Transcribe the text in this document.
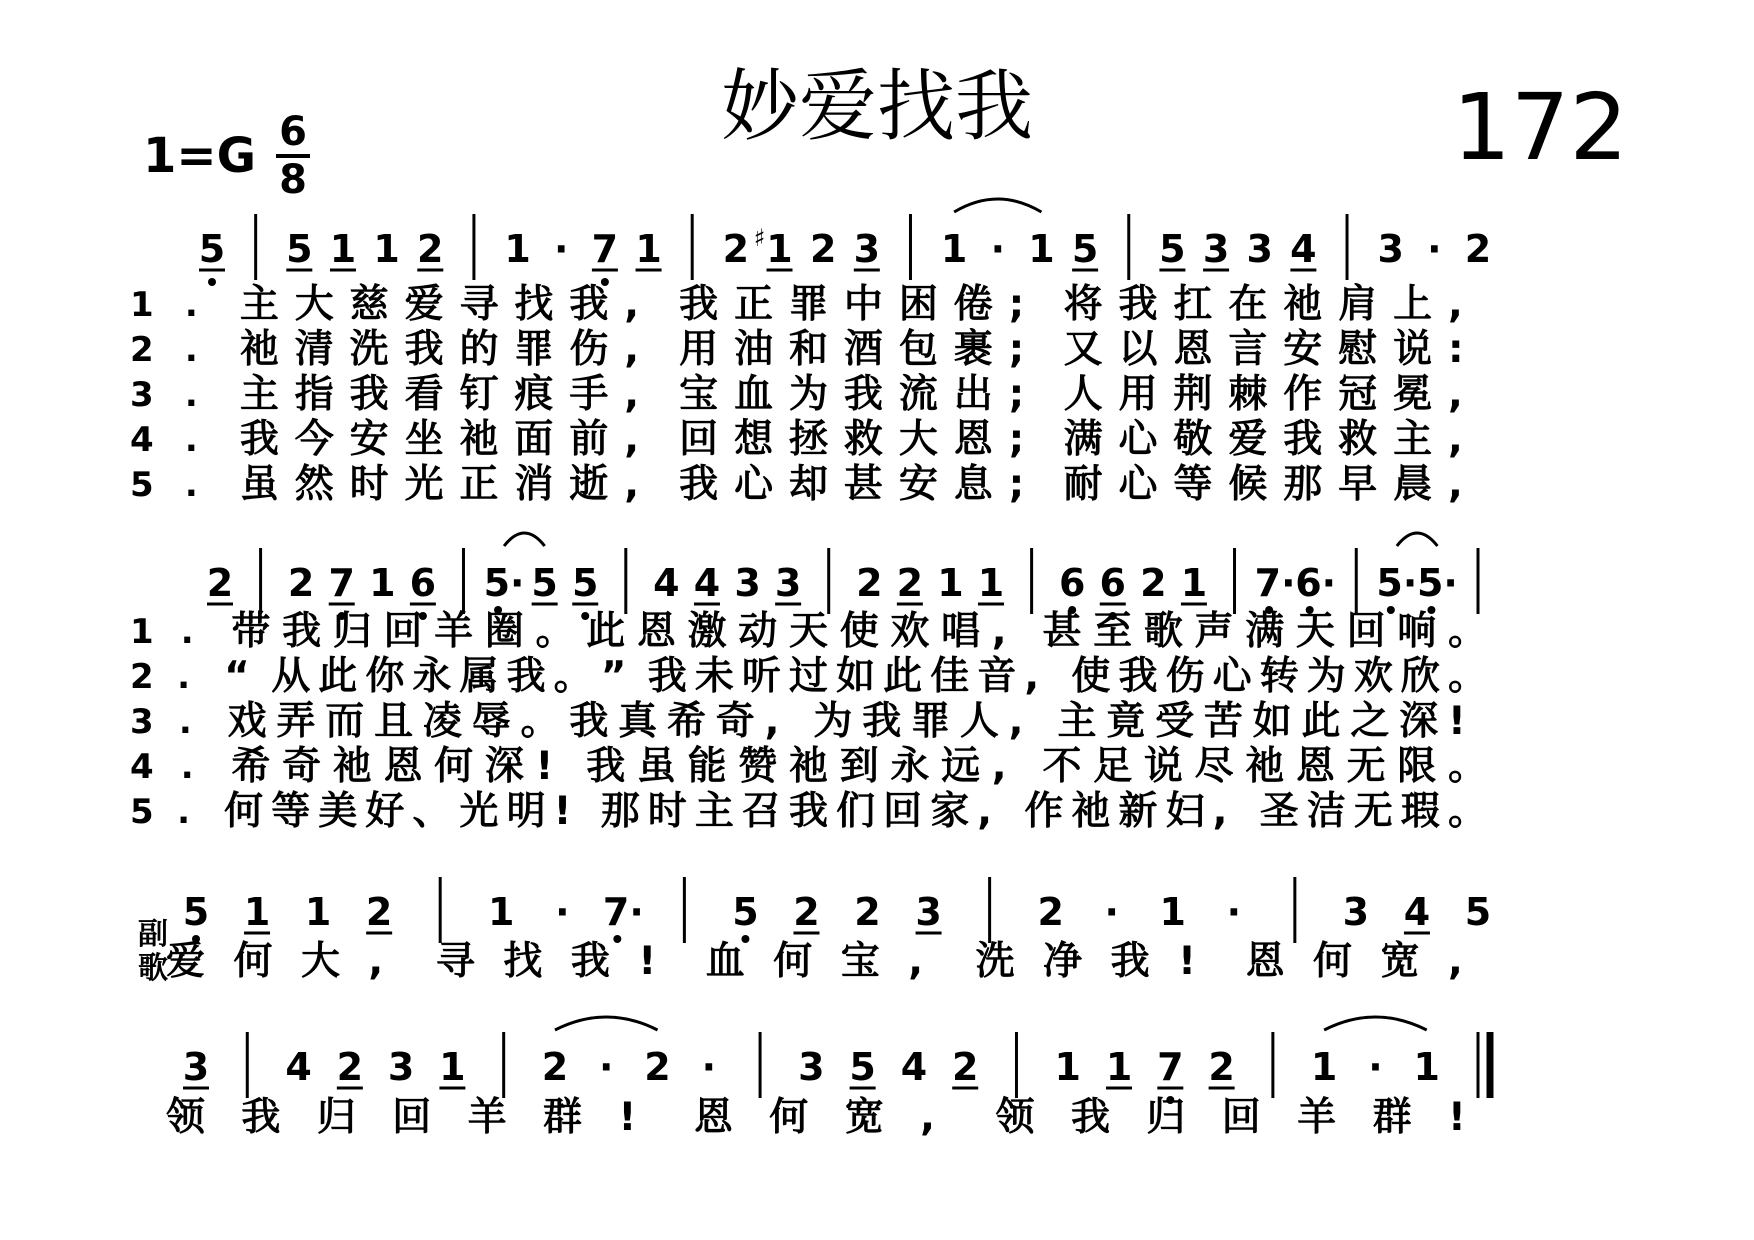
妙爱找我
1=G 6
8	172
副歌
5 5 1 1 2 1 · 7 1 2 1
♯ 2 3 1 · 1 5 5 3 3 4 3 · 2
2 2 7 1 6 5· 5 5 4 4 3 3 2 2 1 1 6 6 2 1 7· 6· 5· 5·
5 1 1 2	1 · 7· 5 2 2 3	2 · 1 ·	3 4 5
3 4 2 3 1 2 · 2 · 3 5 4 2 1 1 7 2 1 · 1
1 . 主 大 慈 爱 寻 找 我 , 我 正 罪 中 困 倦 ; 将 我 扛 在 祂 肩 上 ,
2 . 祂 清 洗 我 的 罪 伤 , 用 油 和 酒 包 裹 ; 又 以 恩 言 安 慰 说 :
3 . 主 指 我 看 钉 痕 手 , 宝 血 为 我 流 出 ; 人 用 荆 棘 作 冠 冕 ,
4 . 我 今 安 坐 祂 面 前 , 回 想 拯 救 大 恩 ; 满 心 敬 爱 我 救 主 ,
5 . 虽 然 时 光 正 消 逝 , 我 心 却 甚 安 息 ; 耐 心 等 候 那 早 晨 ,
1 . 带 我 归 回 羊 圈 。 此 恩 激 动 天 使 欢 唱 , 甚 至 歌 声 满 天 回 响 。
2 . “ 从 此 你 永 属 我 。 ” 我 未 听 过 如 此 佳 音 , 使 我 伤 心 转 为 欢 欣 。
3 . 戏 弄 而 且 凌 辱 。 我 真 希 奇 , 为 我 罪 人 , 主 竟 受 苦 如 此 之 深 !
4 . 希 奇 祂 恩 何 深 ! 我 虽 能 赞 祂 到 永 远 , 不 足 说 尽 祂 恩 无 限 。
5 . 何 等 美 好 、 光 明 ! 那 时 主 召 我 们 回 家 , 作 祂 新 妇 , 圣 洁 无 瑕 。
爱 何 大 , 寻 找 我 ! 血 何 宝 , 洗 净 我 ! 恩 何 宽 ,
领 我 归 回 羊 群 ! 恩 何 宽 , 领 我 归 回 羊 群 !
